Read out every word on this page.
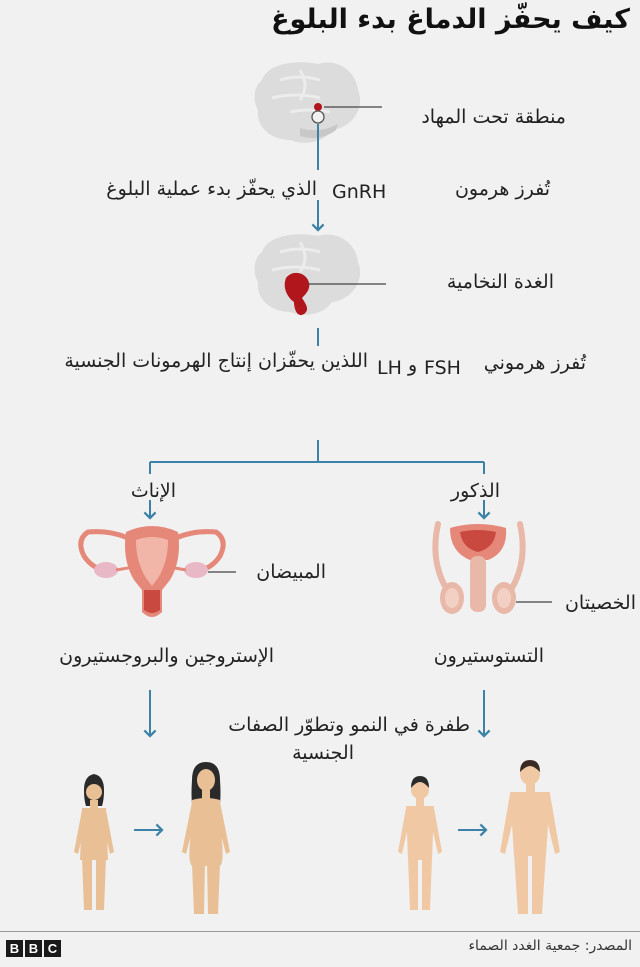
كيف يحفّز الدماغ بدء البلوغ
منطقة تحت المهاد
تُفرز هرمون
GnRH
الذي يحفّز بدء عملية البلوغ
الغدة النخامية
تُفرز هرموني
FSH
و
LH
اللذين يحفّزان إنتاج الهرمونات الجنسية
الإناث	الذكور
المبيضان
الخصيتان
الإستروجين والبروجستيرون	التستوستيرون
طفرة في النمو وتطوّر الصفات
الجنسية
B B C	المصدر: جمعية الغدد الصماء
